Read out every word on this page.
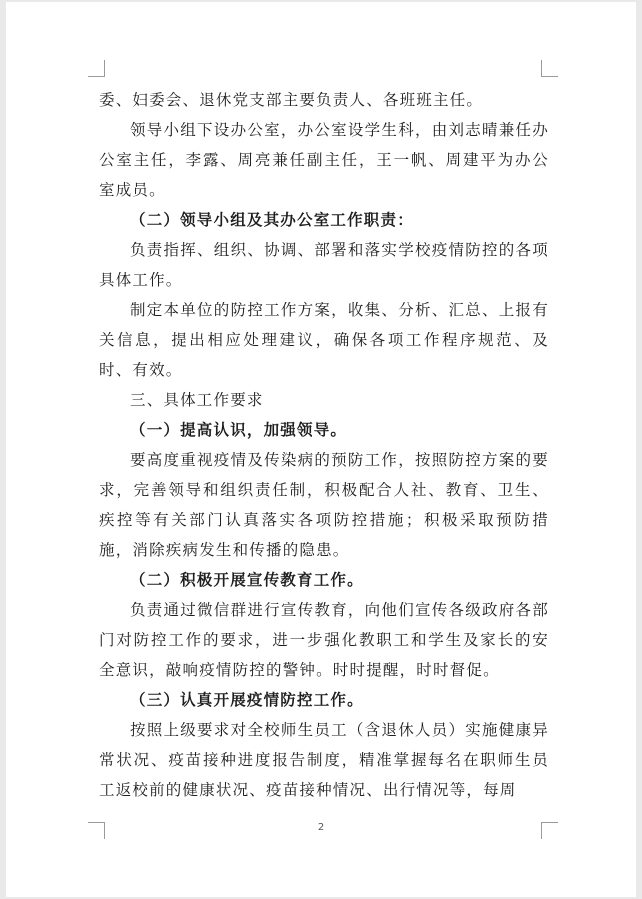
委、妇委会、退休党支部主要负责人、各班班主任。

领导小组下设办公室，办公室设学生科，由刘志晴兼任办公室主任，李露、周亮兼任副主任，王一帆、周建平为办公室成员。

（二）领导小组及其办公室工作职责：

负责指挥、组织、协调、部署和落实学校疫情防控的各项具体工作。

制定本单位的防控工作方案，收集、分析、汇总、上报有关信息，提出相应处理建议，确保各项工作程序规范、及时、有效。

三、具体工作要求

（一）提高认识，加强领导。

要高度重视疫情及传染病的预防工作，按照防控方案的要求，完善领导和组织责任制，积极配合人社、教育、卫生、疾控等有关部门认真落实各项防控措施；积极采取预防措施，消除疾病发生和传播的隐患。

（二）积极开展宣传教育工作。

负责通过微信群进行宣传教育，向他们宣传各级政府各部门对防控工作的要求，进一步强化教职工和学生及家长的安全意识，敲响疫情防控的警钟。时时提醒，时时督促。

（三）认真开展疫情防控工作。

按照上级要求对全校师生员工（含退休人员）实施健康异常状况、疫苗接种进度报告制度，精准掌握每名在职师生员工返校前的健康状况、疫苗接种情况、出行情况等，每周

2
